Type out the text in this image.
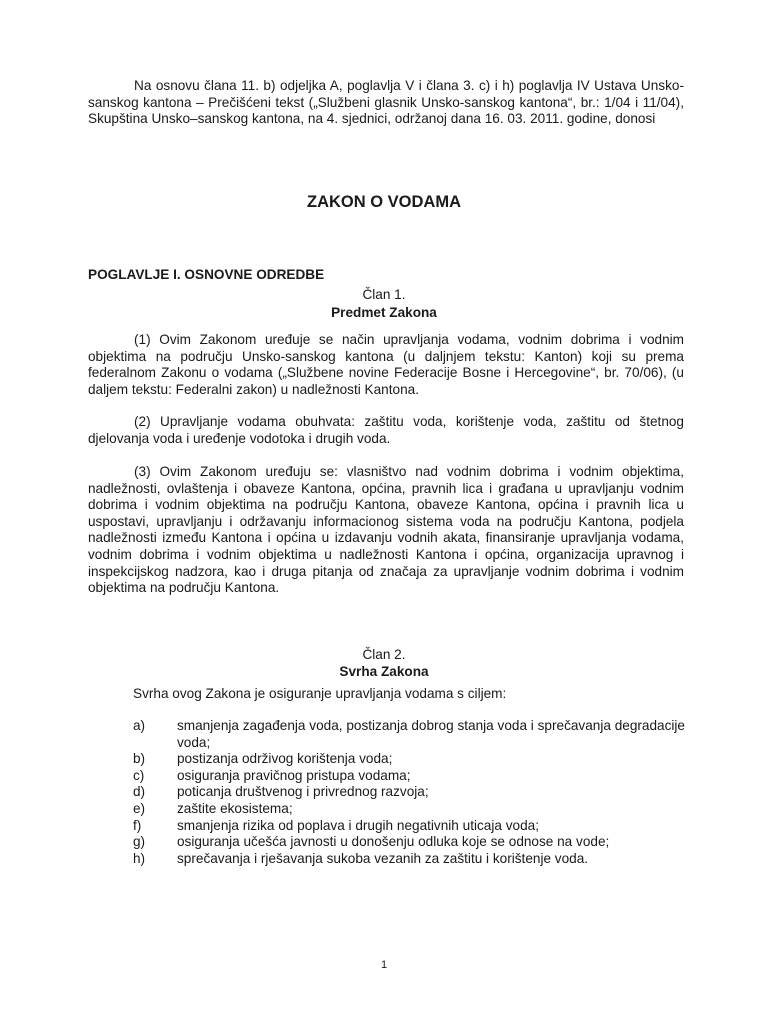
Na osnovu člana 11. b) odjeljka A, poglavlja V i člana 3. c) i h) poglavlja IV Ustava Unsko-sanskog kantona – Prečišćeni tekst („Službeni glasnik Unsko-sanskog kantona“, br.: 1/04 i 11/04), Skupština Unsko–sanskog kantona, na 4. sjednici, održanoj dana 16. 03. 2011. godine, donosi

ZAKON O VODAMA

POGLAVLJE I. OSNOVNE ODREDBE

Član 1.

Predmet Zakona

(1) Ovim Zakonom uređuje se način upravljanja vodama, vodnim dobrima i vodnim objektima na području Unsko-sanskog kantona (u daljnjem tekstu: Kanton) koji su prema federalnom Zakonu o vodama („Službene novine Federacije Bosne i Hercegovine“, br. 70/06), (u daljem tekstu: Federalni zakon) u nadležnosti Kantona.

(2) Upravljanje vodama obuhvata: zaštitu voda, korištenje voda, zaštitu od štetnog djelovanja voda i uređenje vodotoka i drugih voda.

(3) Ovim Zakonom uređuju se: vlasništvo nad vodnim dobrima i vodnim objektima, nadležnosti, ovlaštenja i obaveze Kantona, općina, pravnih lica i građana u upravljanju vodnim dobrima i vodnim objektima na području Kantona, obaveze Kantona, općina i pravnih lica u uspostavi, upravljanju i održavanju informacionog sistema voda na području Kantona, podjela nadležnosti između Kantona i općina u izdavanju vodnih akata, finansiranje upravljanja vodama, vodnim dobrima i vodnim objektima u nadležnosti Kantona i općina, organizacija upravnog i inspekcijskog nadzora, kao i druga pitanja od značaja za upravljanje vodnim dobrima i vodnim objektima na području Kantona.

Član 2.

Svrha Zakona

Svrha ovog Zakona je osiguranje upravljanja vodama s ciljem:

a) smanjenja zagađenja voda, postizanja dobrog stanja voda i sprečavanja degradacije voda;
b) postizanja održivog korištenja voda;
c) osiguranja pravičnog pristupa vodama;
d) poticanja društvenog i privrednog razvoja;
e) zaštite ekosistema;
f)	smanjenja rizika od poplava i drugih negativnih uticaja voda;
g) osiguranja učešća javnosti u donošenju odluka koje se odnose na vode;
h) sprečavanja i rješavanja sukoba vezanih za zaštitu i korištenje voda.

1
